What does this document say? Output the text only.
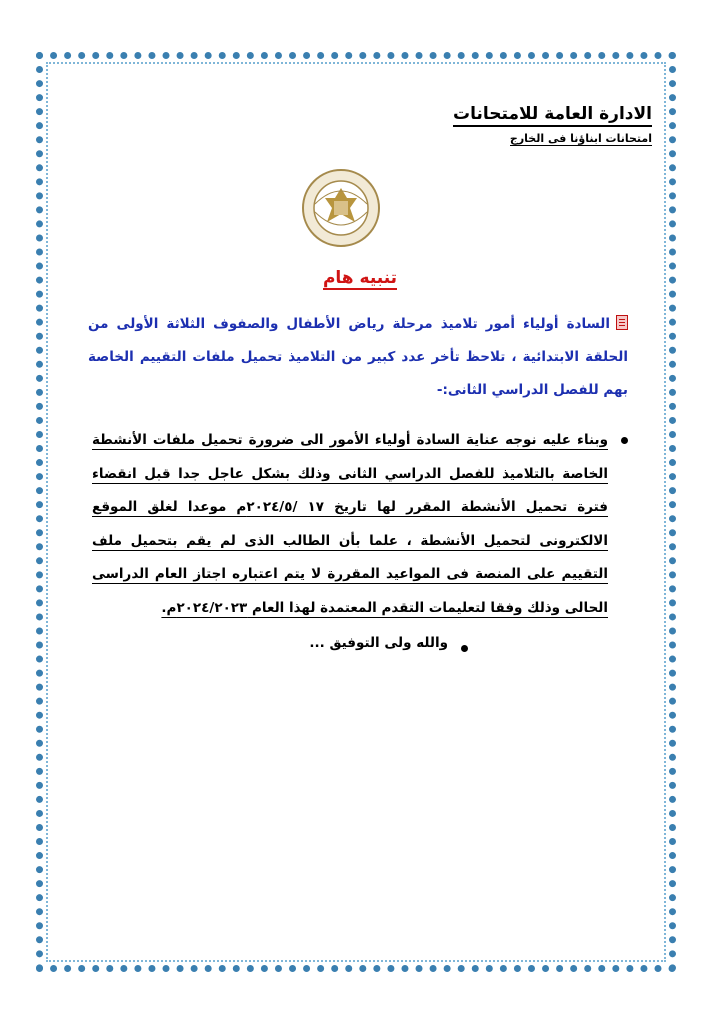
الادارة العامة للامتحانات
امتحانات ابناؤنا فى الخارج
تنبيه هام
السادة أولياء أمور تلاميذ مرحلة رياض الأطفال والصفوف الثلاثة الأولى من الحلقة الابتدائية ، تلاحظ تأخر عدد كبير من التلاميذ تحميل ملفات التقييم الخاصة بهم للفصل الدراسي الثانى:-
وبناء عليه نوجه عناية السادة أولياء الأمور الى ضرورة تحميل ملفات الأنشطة الخاصة بالتلاميذ للفصل الدراسي الثانى وذلك بشكل عاجل جدا قبل انقضاء فترة تحميل الأنشطة المقرر لها تاريخ ١٧ /٢٠٢٤/٥م موعدا لغلق الموقع الالكترونى لتحميل الأنشطة ، علما بأن الطالب الذى لم يقم بتحميل ملف التقييم على المنصة فى المواعيد المقررة لا يتم اعتباره اجتاز العام الدراسى الحالى وذلك وفقا لتعليمات التقدم المعتمدة لهذا العام ٢٠٢٤/٢٠٢٣م.
والله ولى التوفيق ...
